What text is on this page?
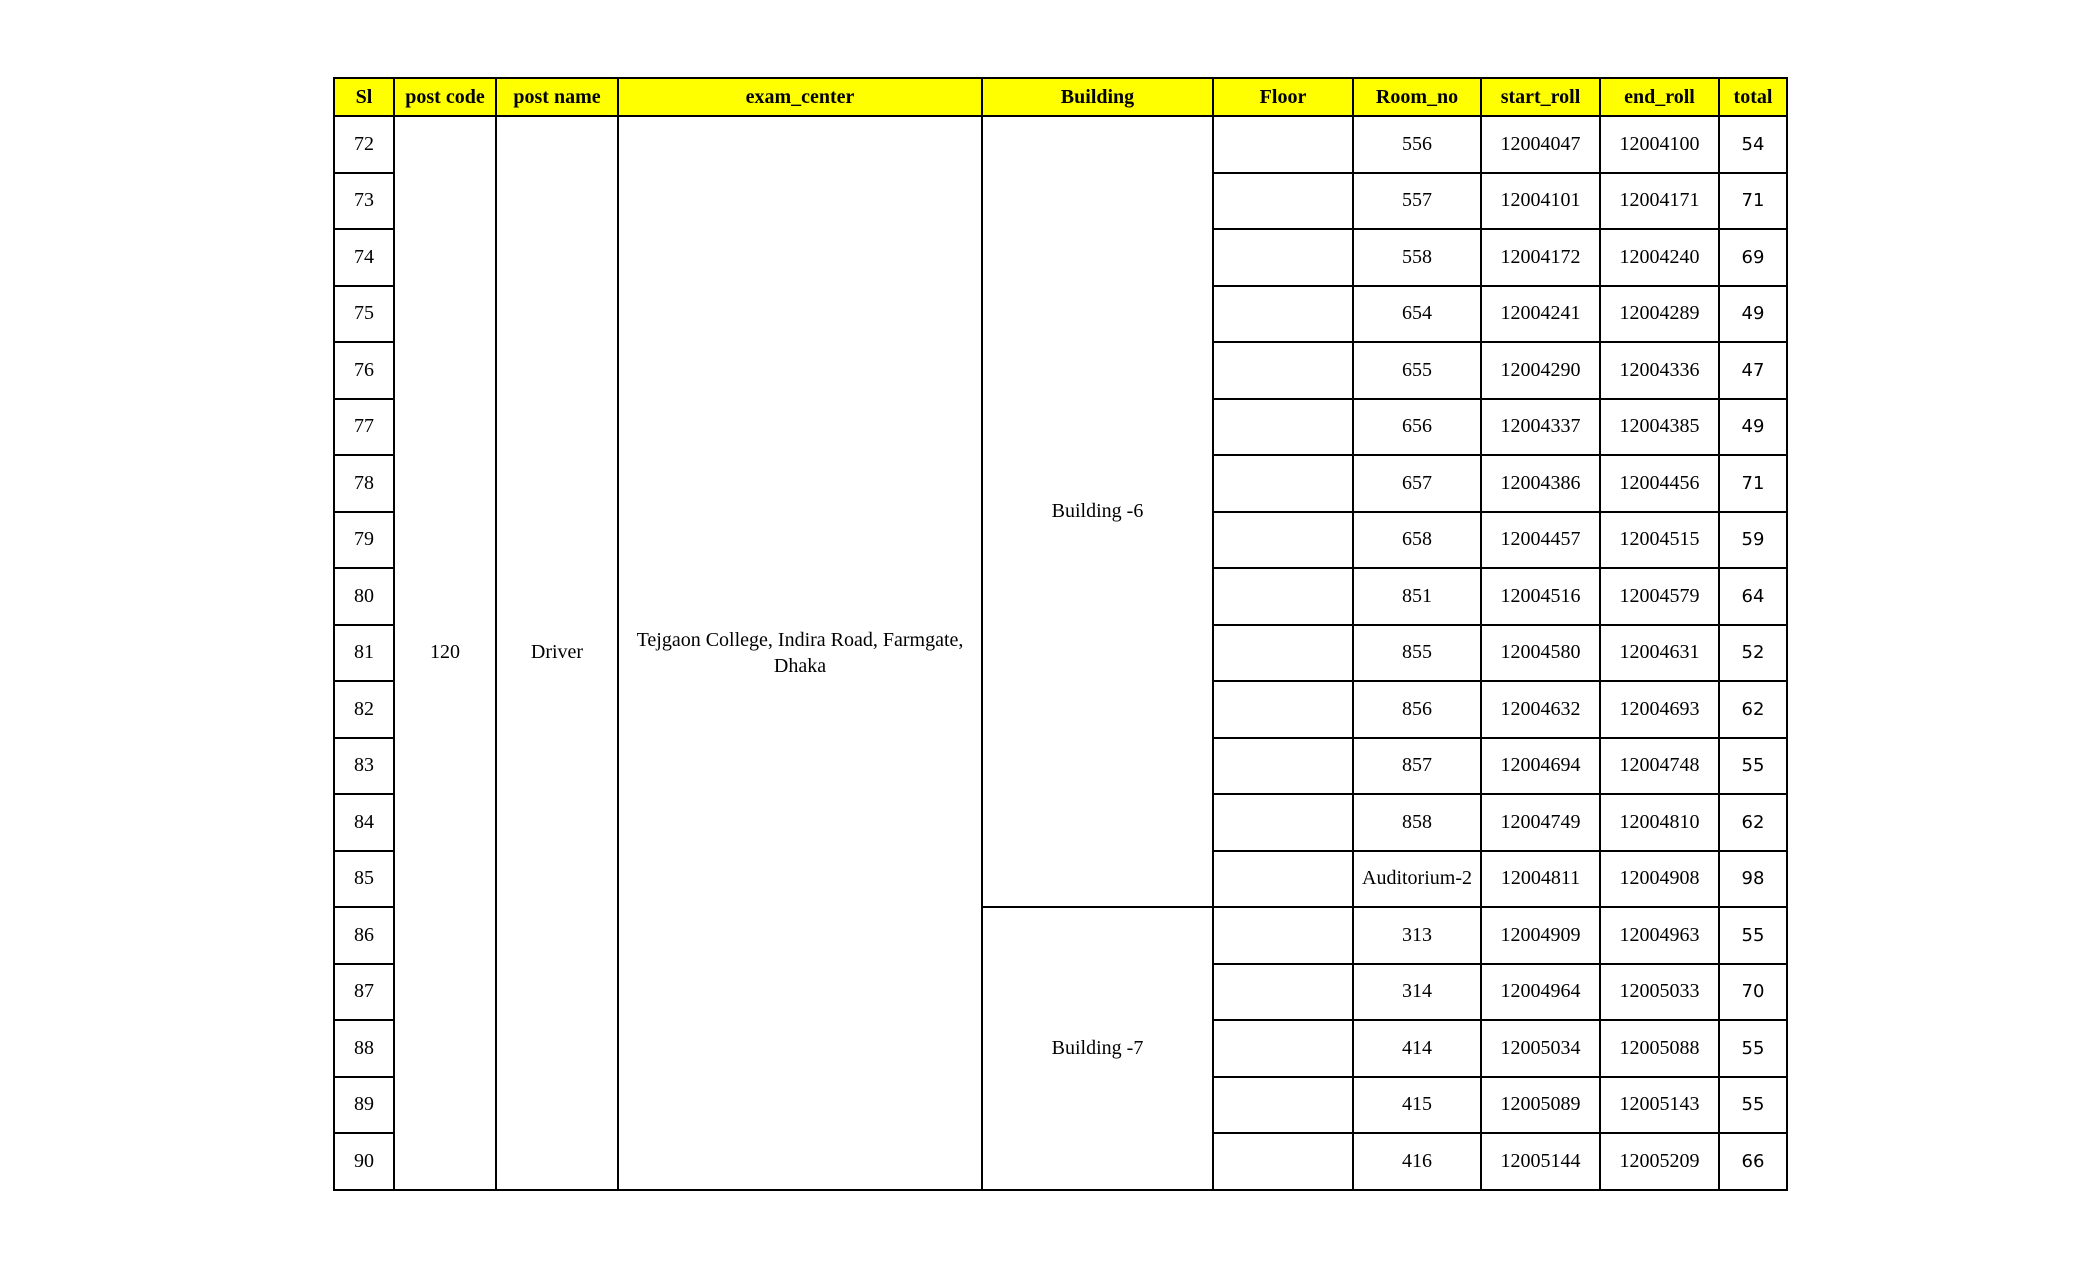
Sl	post code	post name	exam_center	Building	Floor	Room_no	start_roll	end_roll	total
72	120	Driver	Tejgaon College, Indira Road, Farmgate, Dhaka	Building -6		556	12004047	12004100	54
73						557	12004101	12004171	71
74						558	12004172	12004240	69
75						654	12004241	12004289	49
76						655	12004290	12004336	47
77						656	12004337	12004385	49
78						657	12004386	12004456	71
79						658	12004457	12004515	59
80						851	12004516	12004579	64
81						855	12004580	12004631	52
82						856	12004632	12004693	62
83						857	12004694	12004748	55
84						858	12004749	12004810	62
85						Auditorium-2	12004811	12004908	98
86				Building -7		313	12004909	12004963	55
87						314	12004964	12005033	70
88						414	12005034	12005088	55
89						415	12005089	12005143	55
90						416	12005144	12005209	66
